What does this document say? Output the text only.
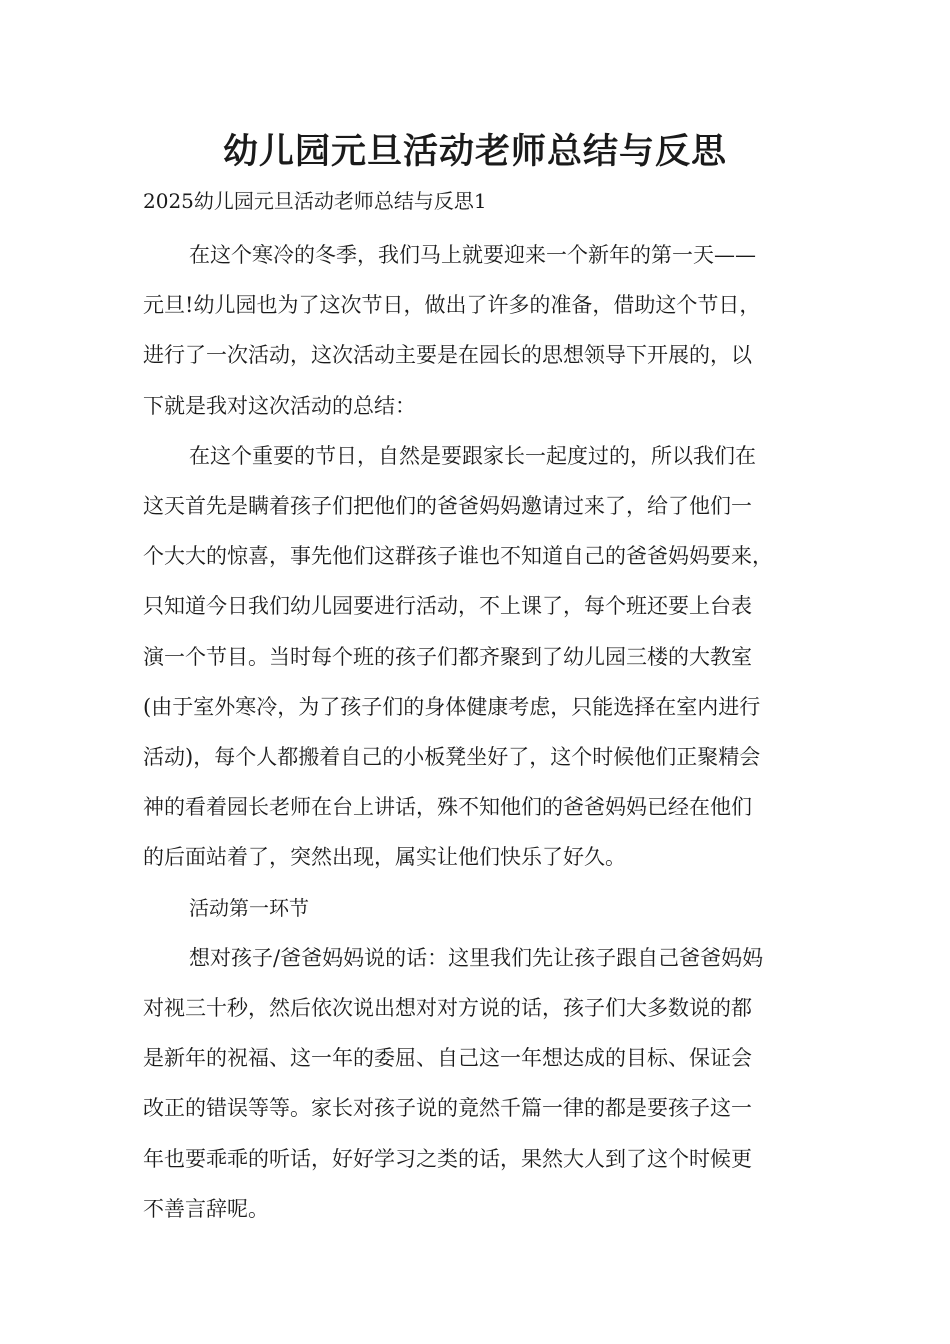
幼儿园元旦活动老师总结与反思

2025幼儿园元旦活动老师总结与反思1

在这个寒冷的冬季，我们马上就要迎来一个新年的第一天——
元旦!幼儿园也为了这次节日，做出了许多的准备，借助这个节日，
进行了一次活动，这次活动主要是在园长的思想领导下开展的，以
下就是我对这次活动的总结：

在这个重要的节日，自然是要跟家长一起度过的，所以我们在
这天首先是瞒着孩子们把他们的爸爸妈妈邀请过来了，给了他们一
个大大的惊喜，事先他们这群孩子谁也不知道自己的爸爸妈妈要来，
只知道今日我们幼儿园要进行活动，不上课了，每个班还要上台表
演一个节目。当时每个班的孩子们都齐聚到了幼儿园三楼的大教室
(由于室外寒冷，为了孩子们的身体健康考虑，只能选择在室内进行
活动)，每个人都搬着自己的小板凳坐好了，这个时候他们正聚精会
神的看着园长老师在台上讲话，殊不知他们的爸爸妈妈已经在他们
的后面站着了，突然出现，属实让他们快乐了好久。

活动第一环节

想对孩子/爸爸妈妈说的话：这里我们先让孩子跟自己爸爸妈妈
对视三十秒，然后依次说出想对对方说的话，孩子们大多数说的都
是新年的祝福、这一年的委屈、自己这一年想达成的目标、保证会
改正的错误等等。家长对孩子说的竟然千篇一律的都是要孩子这一
年也要乖乖的听话，好好学习之类的话，果然大人到了这个时候更
不善言辞呢。
